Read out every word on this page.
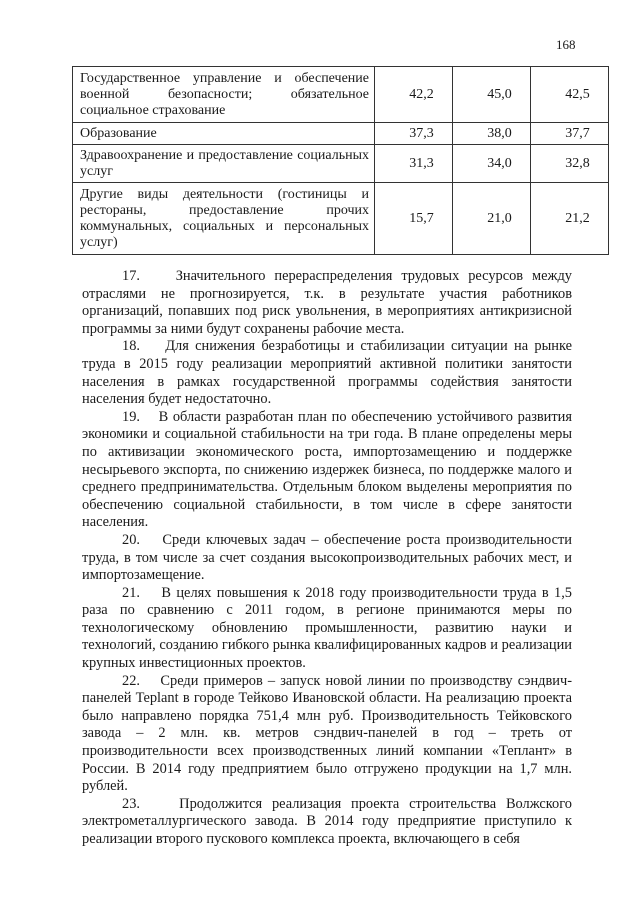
168
Государственное управление и обеспечение военной безопасности; обязательное социальное страхование	42,2	45,0	42,5
Образование	37,3	38,0	37,7
Здравоохранение и предоставление социальных услуг	31,3	34,0	32,8
Другие виды деятельности (гостиницы и рестораны, предоставление прочих коммунальных, социальных и персональных услуг)	15,7	21,0	21,2

17.    Значительного перераспределения трудовых ресурсов между отраслями не прогнозируется, т.к. в результате участия работников организаций, попавших под риск увольнения, в мероприятиях антикризисной программы за ними будут сохранены рабочие места.

18.    Для снижения безработицы и стабилизации ситуации на рынке труда в 2015 году реализации мероприятий активной политики занятости населения в рамках государственной программы содействия занятости населения будет недостаточно.

19.    В области разработан план по обеспечению устойчивого развития экономики и социальной стабильности на три года. В плане определены меры по активизации экономического роста, импортозамещению и поддержке несырьевого экспорта, по снижению издержек бизнеса, по поддержке малого и среднего предпринимательства. Отдельным блоком выделены мероприятия по обеспечению социальной стабильности, в том числе в сфере занятости населения.

20.    Среди ключевых задач – обеспечение роста производительности труда, в том числе за счет создания высокопроизводительных рабочих мест, и импортозамещение.

21.    В целях повышения к 2018 году производительности труда в 1,5 раза по сравнению с 2011 годом, в регионе принимаются меры по технологическому обновлению промышленности, развитию науки и технологий, созданию гибкого рынка квалифицированных кадров и реализации крупных инвестиционных проектов.

22.    Среди примеров – запуск новой линии по производству сэндвич-панелей Teplant в городе Тейково Ивановской области. На реализацию проекта было направлено порядка 751,4 млн руб. Производительность Тейковского завода – 2 млн. кв. метров сэндвич-панелей в год – треть от производительности всех производственных линий компании «Теплант» в России. В 2014 году предприятием было отгружено продукции на 1,7 млн. рублей.

23.    Продолжится реализация проекта строительства Волжского электрометаллургического завода. В 2014 году предприятие приступило к реализации второго пускового комплекса проекта, включающего в себя
